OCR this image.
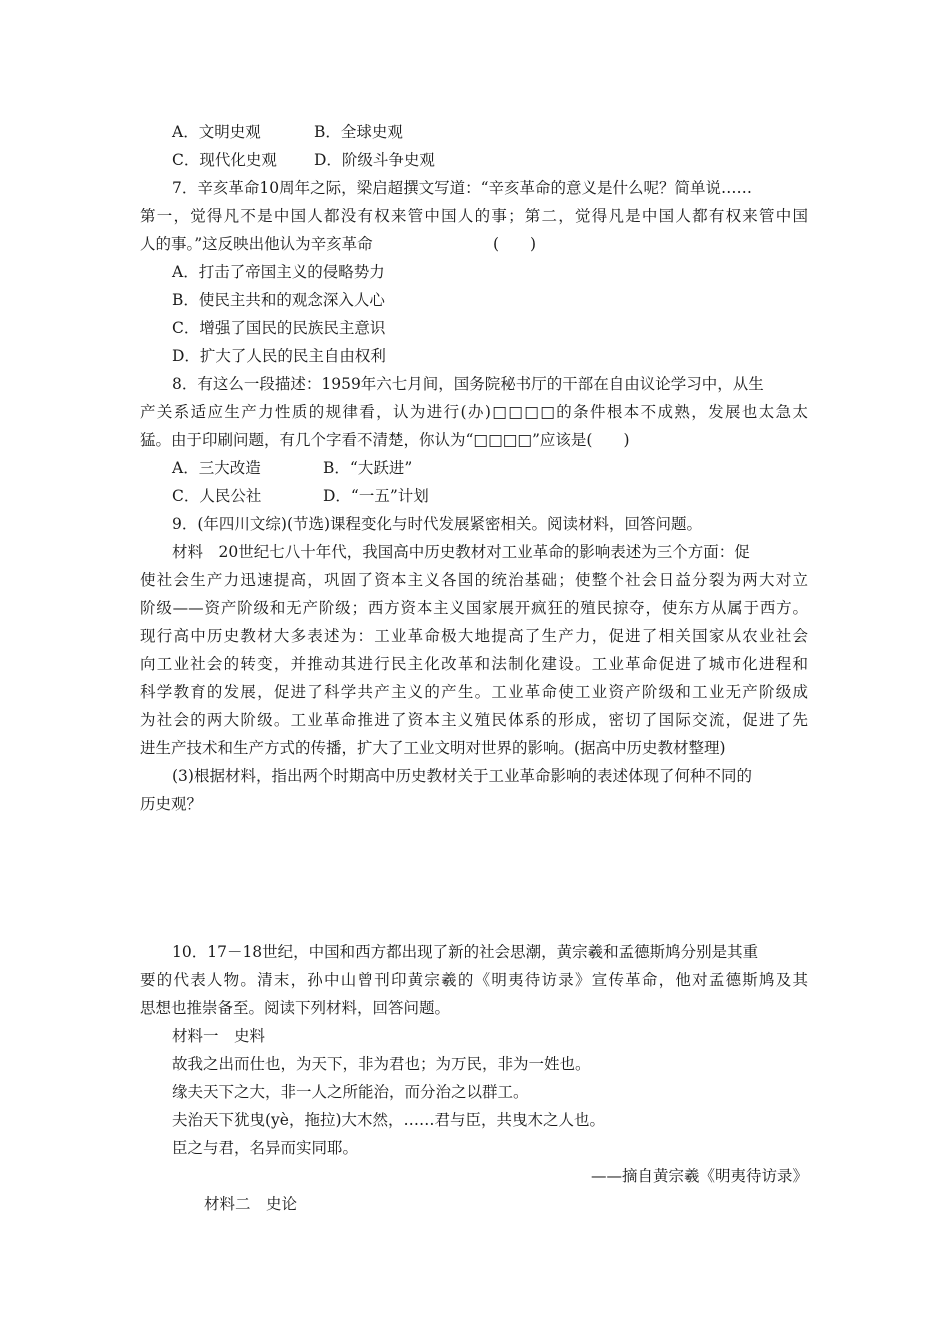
A．文明史观	B．全球史观
C．现代化史观 D．阶级斗争史观
7．辛亥革命10周年之际，梁启超撰文写道：“辛亥革命的意义是什么呢？简单说……
第一，觉得凡不是中国人都没有权来管中国人的事；第二，觉得凡是中国人都有权来管中国
人的事。”这反映出他认为辛亥革命	(　　)
A．打击了帝国主义的侵略势力
B．使民主共和的观念深入人心
C．增强了国民的民族民主意识
D．扩大了人民的民主自由权利
8．有这么一段描述：1959年六七月间，国务院秘书厅的干部在自由议论学习中，从生
产关系适应生产力性质的规律看，认为进行(办)□□□□的条件根本不成熟，发展也太急太
猛。由于印刷问题，有几个字看不清楚，你认为“□□□□”应该是(　　)
A．三大改造	B．“大跃进”
C．人民公社	D．“一五”计划
9．(年四川文综)(节选)课程变化与时代发展紧密相关。阅读材料，回答问题。
材料　20世纪七八十年代，我国高中历史教材对工业革命的影响表述为三个方面：促
使社会生产力迅速提高，巩固了资本主义各国的统治基础；使整个社会日益分裂为两大对立
阶级——资产阶级和无产阶级；西方资本主义国家展开疯狂的殖民掠夺，使东方从属于西方。
现行高中历史教材大多表述为：工业革命极大地提高了生产力，促进了相关国家从农业社会
向工业社会的转变，并推动其进行民主化改革和法制化建设。工业革命促进了城市化进程和
科学教育的发展，促进了科学共产主义的产生。工业革命使工业资产阶级和工业无产阶级成
为社会的两大阶级。工业革命推进了资本主义殖民体系的形成，密切了国际交流，促进了先
进生产技术和生产方式的传播，扩大了工业文明对世界的影响。(据高中历史教材整理)
(3)根据材料，指出两个时期高中历史教材关于工业革命影响的表述体现了何种不同的
历史观？
10．17－18世纪，中国和西方都出现了新的社会思潮，黄宗羲和孟德斯鸠分别是其重
要的代表人物。清末，孙中山曾刊印黄宗羲的《明夷待访录》宣传革命，他对孟德斯鸠及其
思想也推崇备至。阅读下列材料，回答问题。
材料一　史料
故我之出而仕也，为天下，非为君也；为万民，非为一姓也。
缘夫天下之大，非一人之所能治，而分治之以群工。
夫治天下犹曳(yè，拖拉)大木然，……君与臣，共曳木之人也。
臣之与君，名异而实同耶。
——摘自黄宗羲《明夷待访录》
材料二　史论
